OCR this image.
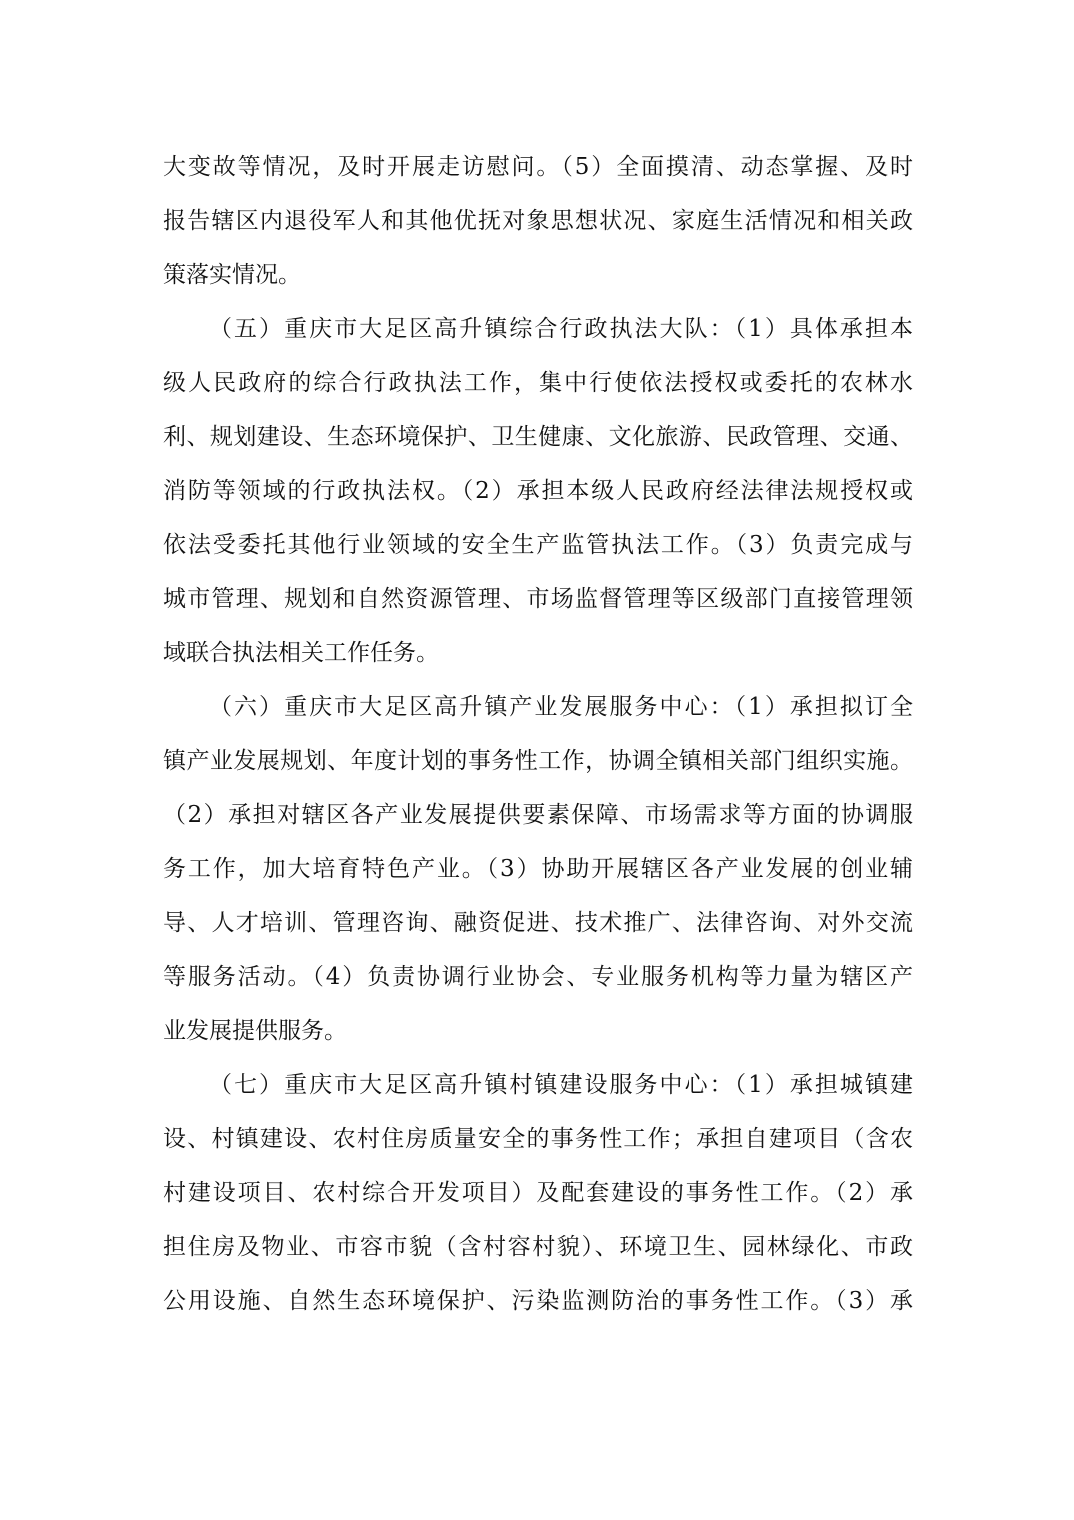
大变故等情况，及时开展走访慰问。（5）全面摸清、动态掌握、及时
报告辖区内退役军人和其他优抚对象思想状况、家庭生活情况和相关政
策落实情况。
（五）重庆市大足区高升镇综合行政执法大队：（1）具体承担本
级人民政府的综合行政执法工作，集中行使依法授权或委托的农林水
利、规划建设、生态环境保护、卫生健康、文化旅游、民政管理、交通、
消防等领域的行政执法权。（2）承担本级人民政府经法律法规授权或
依法受委托其他行业领域的安全生产监管执法工作。（3）负责完成与
城市管理、规划和自然资源管理、市场监督管理等区级部门直接管理领
域联合执法相关工作任务。
（六）重庆市大足区高升镇产业发展服务中心：（1）承担拟订全
镇产业发展规划、年度计划的事务性工作，协调全镇相关部门组织实施。
（2）承担对辖区各产业发展提供要素保障、市场需求等方面的协调服
务工作，加大培育特色产业。（3）协助开展辖区各产业发展的创业辅
导、人才培训、管理咨询、融资促进、技术推广、法律咨询、对外交流
等服务活动。（4）负责协调行业协会、专业服务机构等力量为辖区产
业发展提供服务。
（七）重庆市大足区高升镇村镇建设服务中心：（1）承担城镇建
设、村镇建设、农村住房质量安全的事务性工作；承担自建项目（含农
村建设项目、农村综合开发项目）及配套建设的事务性工作。（2）承
担住房及物业、市容市貌（含村容村貌）、环境卫生、园林绿化、市政
公用设施、自然生态环境保护、污染监测防治的事务性工作。（3）承
